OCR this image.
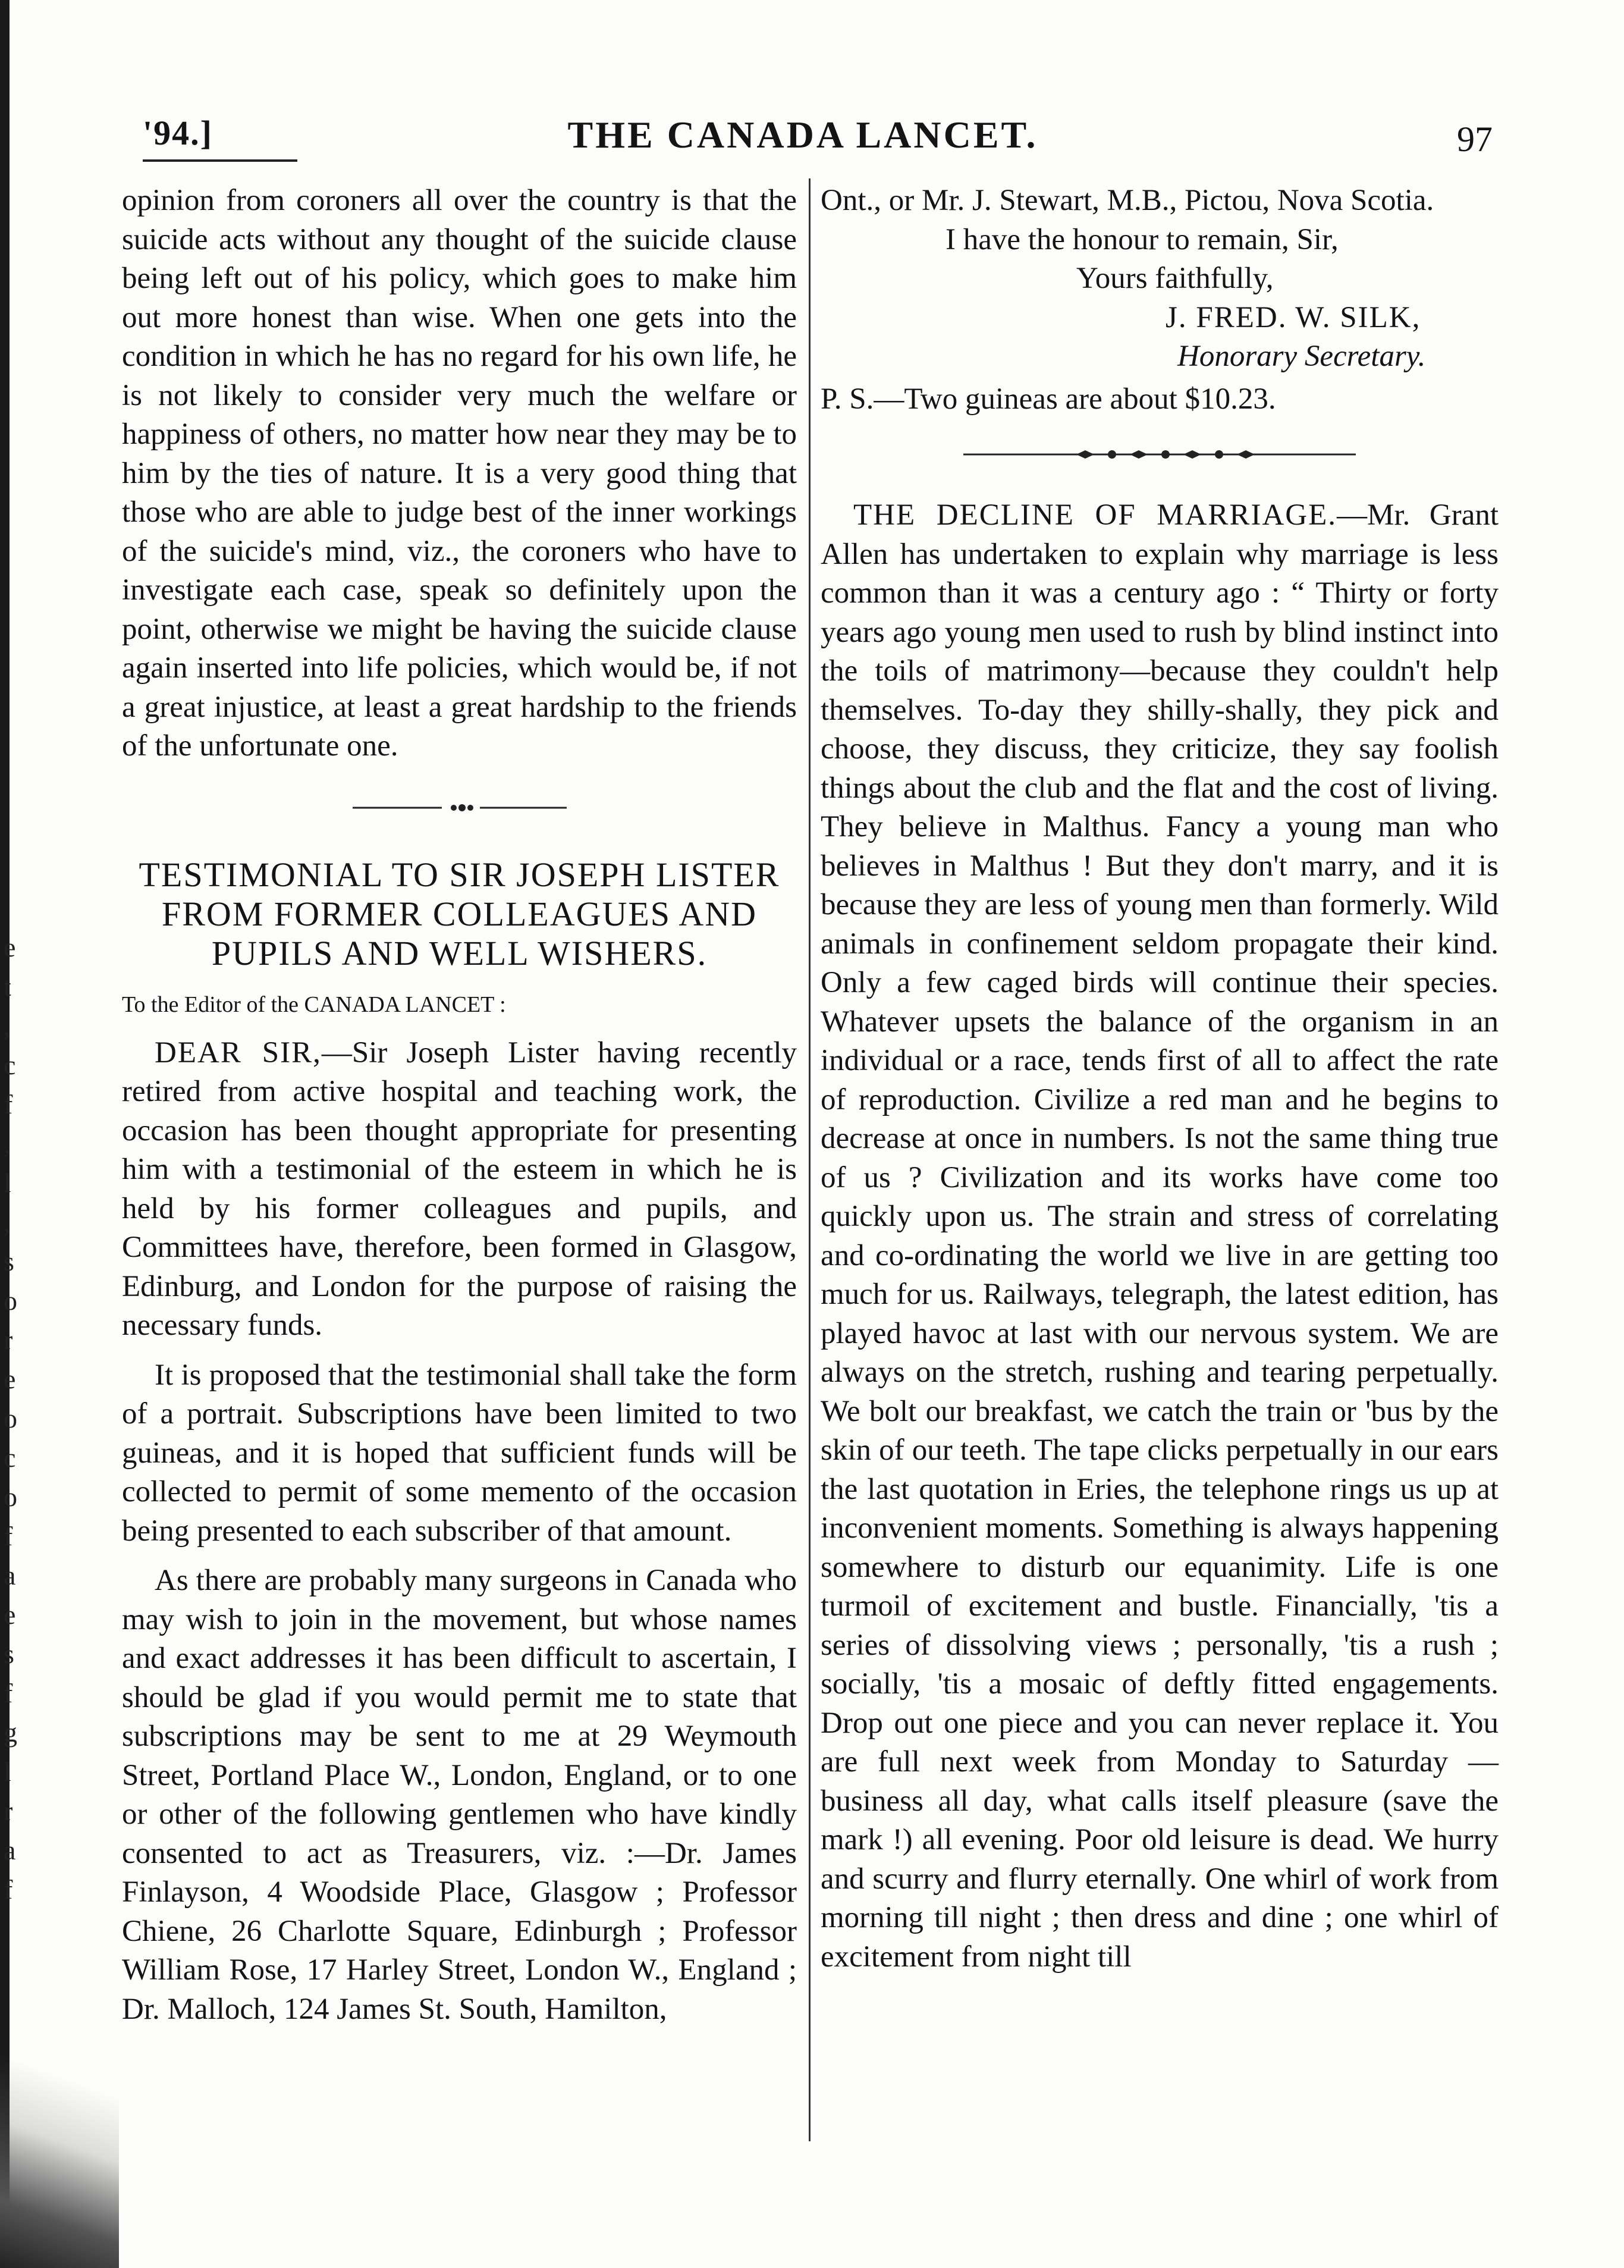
e
t
,
c
f
,
l
,
s
o
r
e
o
c
o
f
a
e
s
f
g
l
r
a
f
'94.]	THE CANADA LANCET.	97

opinion from coroners all over the country is that the suicide acts without any thought of the suicide clause being left out of his policy, which goes to make him out more honest than wise. When one gets into the condition in which he has no regard for his own life, he is not likely to consider very much the welfare or happiness of others, no matter how near they may be to him by the ties of nature. It is a very good thing that those who are able to judge best of the inner workings of the suicide's mind, viz., the coroners who have to investigate each case, speak so definitely upon the point, otherwise we might be having the suicide clause again inserted into life policies, which would be, if not a great injustice, at least a great hardship to the friends of the unfortunate one.

TESTIMONIAL TO SIR JOSEPH LISTER FROM FORMER COLLEAGUES AND PUPILS AND WELL WISHERS.
To the Editor of the CANADA LANCET :

DEAR SIR,—Sir Joseph Lister having recently retired from active hospital and teaching work, the occasion has been thought appropriate for presenting him with a testimonial of the esteem in which he is held by his former colleagues and pupils, and Committees have, therefore, been formed in Glasgow, Edinburg, and London for the purpose of raising the necessary funds.

It is proposed that the testimonial shall take the form of a portrait. Subscriptions have been limited to two guineas, and it is hoped that sufficient funds will be collected to permit of some memento of the occasion being presented to each subscriber of that amount.

As there are probably many surgeons in Canada who may wish to join in the movement, but whose names and exact addresses it has been difficult to ascertain, I should be glad if you would permit me to state that subscriptions may be sent to me at 29 Weymouth Street, Portland Place W., London, England, or to one or other of the following gentlemen who have kindly consented to act as Treasurers, viz. :—Dr. James Finlayson, 4 Woodside Place, Glasgow ; Professor Chiene, 26 Charlotte Square, Edinburgh ; Professor William Rose, 17 Harley Street, London W., England ; Dr. Malloch, 124 James St. South, Hamilton,

Ont., or Mr. J. Stewart, M.B., Pictou, Nova Scotia.

I have the honour to remain, Sir,

Yours faithfully,

J. FRED. W. SILK,

Honorary Secretary.

P. S.—Two guineas are about $10.23.

THE DECLINE OF MARRIAGE.—Mr. Grant Allen has undertaken to explain why marriage is less common than it was a century ago : “ Thirty or forty years ago young men used to rush by blind instinct into the toils of matrimony—because they couldn't help themselves. To-day they shilly-shally, they pick and choose, they discuss, they criticize, they say foolish things about the club and the flat and the cost of living. They believe in Malthus. Fancy a young man who believes in Malthus ! But they don't marry, and it is because they are less of young men than formerly. Wild animals in confinement seldom propagate their kind. Only a few caged birds will continue their species. Whatever upsets the balance of the organism in an individual or a race, tends first of all to affect the rate of reproduction. Civilize a red man and he begins to decrease at once in numbers. Is not the same thing true of us ? Civilization and its works have come too quickly upon us. The strain and stress of correlating and co-ordinating the world we live in are getting too much for us. Railways, telegraph, the latest edition, has played havoc at last with our nervous system. We are always on the stretch, rushing and tearing perpetually. We bolt our breakfast, we catch the train or 'bus by the skin of our teeth. The tape clicks perpetually in our ears the last quotation in Eries, the telephone rings us up at inconvenient moments. Something is always happening somewhere to disturb our equanimity. Life is one turmoil of excitement and bustle. Financially, 'tis a series of dissolving views ; personally, 'tis a rush ; socially, 'tis a mosaic of deftly fitted engagements. Drop out one piece and you can never replace it. You are full next week from Monday to Saturday —business all day, what calls itself pleasure (save the mark !) all evening. Poor old leisure is dead. We hurry and scurry and flurry eternally. One whirl of work from morning till night ; then dress and dine ; one whirl of excitement from night till
